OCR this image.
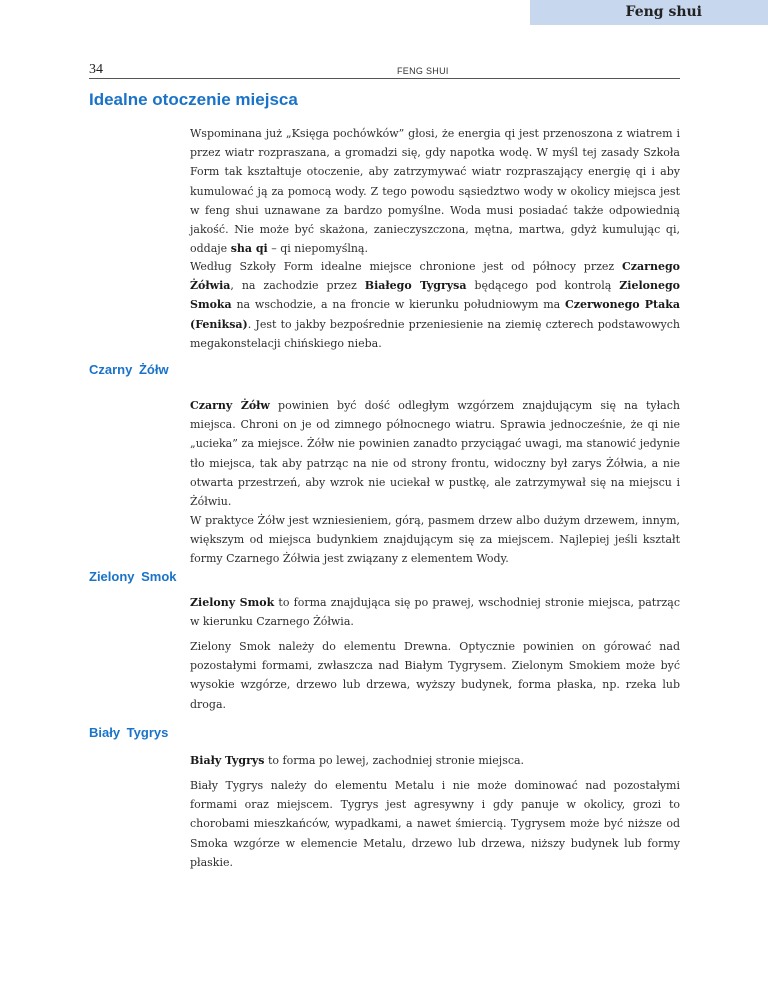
Feng shui
34	FENG SHUI
Idealne otoczenie miejsca

Wspominana już „Księga pochówków” głosi, że energia qi jest przenoszona z wiatrem i przez wiatr rozpraszana, a gromadzi się, gdy napotka wodę. W myśl tej zasady Szkoła Form tak kształtuje otoczenie, aby zatrzymywać wiatr rozpraszający energię qi i aby kumulować ją za pomocą wody. Z tego powodu sąsiedztwo wody w okolicy miejsca jest w feng shui uznawane za bardzo pomyślne. Woda musi posiadać także odpowiednią jakość. Nie może być skażona, zanieczyszczona, mętna, martwa, gdyż kumulując qi, oddaje sha qi – qi niepomyślną.

Według Szkoły Form idealne miejsce chronione jest od północy przez Czarnego Żółwia, na zachodzie przez Białego Tygrysa będącego pod kontrolą Zielonego Smoka na wschodzie, a na froncie w kierunku południowym ma Czerwonego Ptaka (Feniksa). Jest to jakby bezpośrednie przeniesienie na ziemię czterech podstawowych megakonstelacji chińskiego nieba.

Czarny Żółw

Czarny Żółw powinien być dość odległym wzgórzem znajdującym się na tyłach miejsca. Chroni on je od zimnego północnego wiatru. Sprawia jednocześnie, że qi nie „ucieka” za miejsce. Żółw nie powinien zanadto przyciągać uwagi, ma stanowić jedynie tło miejsca, tak aby patrząc na nie od strony frontu, widoczny był zarys Żółwia, a nie otwarta przestrzeń, aby wzrok nie uciekał w pustkę, ale zatrzymywał się na miejscu i Żółwiu.

W praktyce Żółw jest wzniesieniem, górą, pasmem drzew albo dużym drzewem, innym, większym od miejsca budynkiem znajdującym się za miejscem. Najlepiej jeśli kształt formy Czarnego Żółwia jest związany z elementem Wody.

Zielony Smok

Zielony Smok to forma znajdująca się po prawej, wschodniej stronie miejsca, patrząc w kierunku Czarnego Żółwia.

Zielony Smok należy do elementu Drewna. Optycznie powinien on górować nad pozostałymi formami, zwłaszcza nad Białym Tygrysem. Zielonym Smokiem może być wysokie wzgórze, drzewo lub drzewa, wyższy budynek, forma płaska, np. rzeka lub droga.

Biały Tygrys

Biały Tygrys to forma po lewej, zachodniej stronie miejsca.

Biały Tygrys należy do elementu Metalu i nie może dominować nad pozostałymi formami oraz miejscem. Tygrys jest agresywny i gdy panuje w okolicy, grozi to chorobami mieszkańców, wypadkami, a nawet śmiercią. Tygrysem może być niższe od Smoka wzgórze w elemencie Metalu, drzewo lub drzewa, niższy budynek lub formy płaskie.
